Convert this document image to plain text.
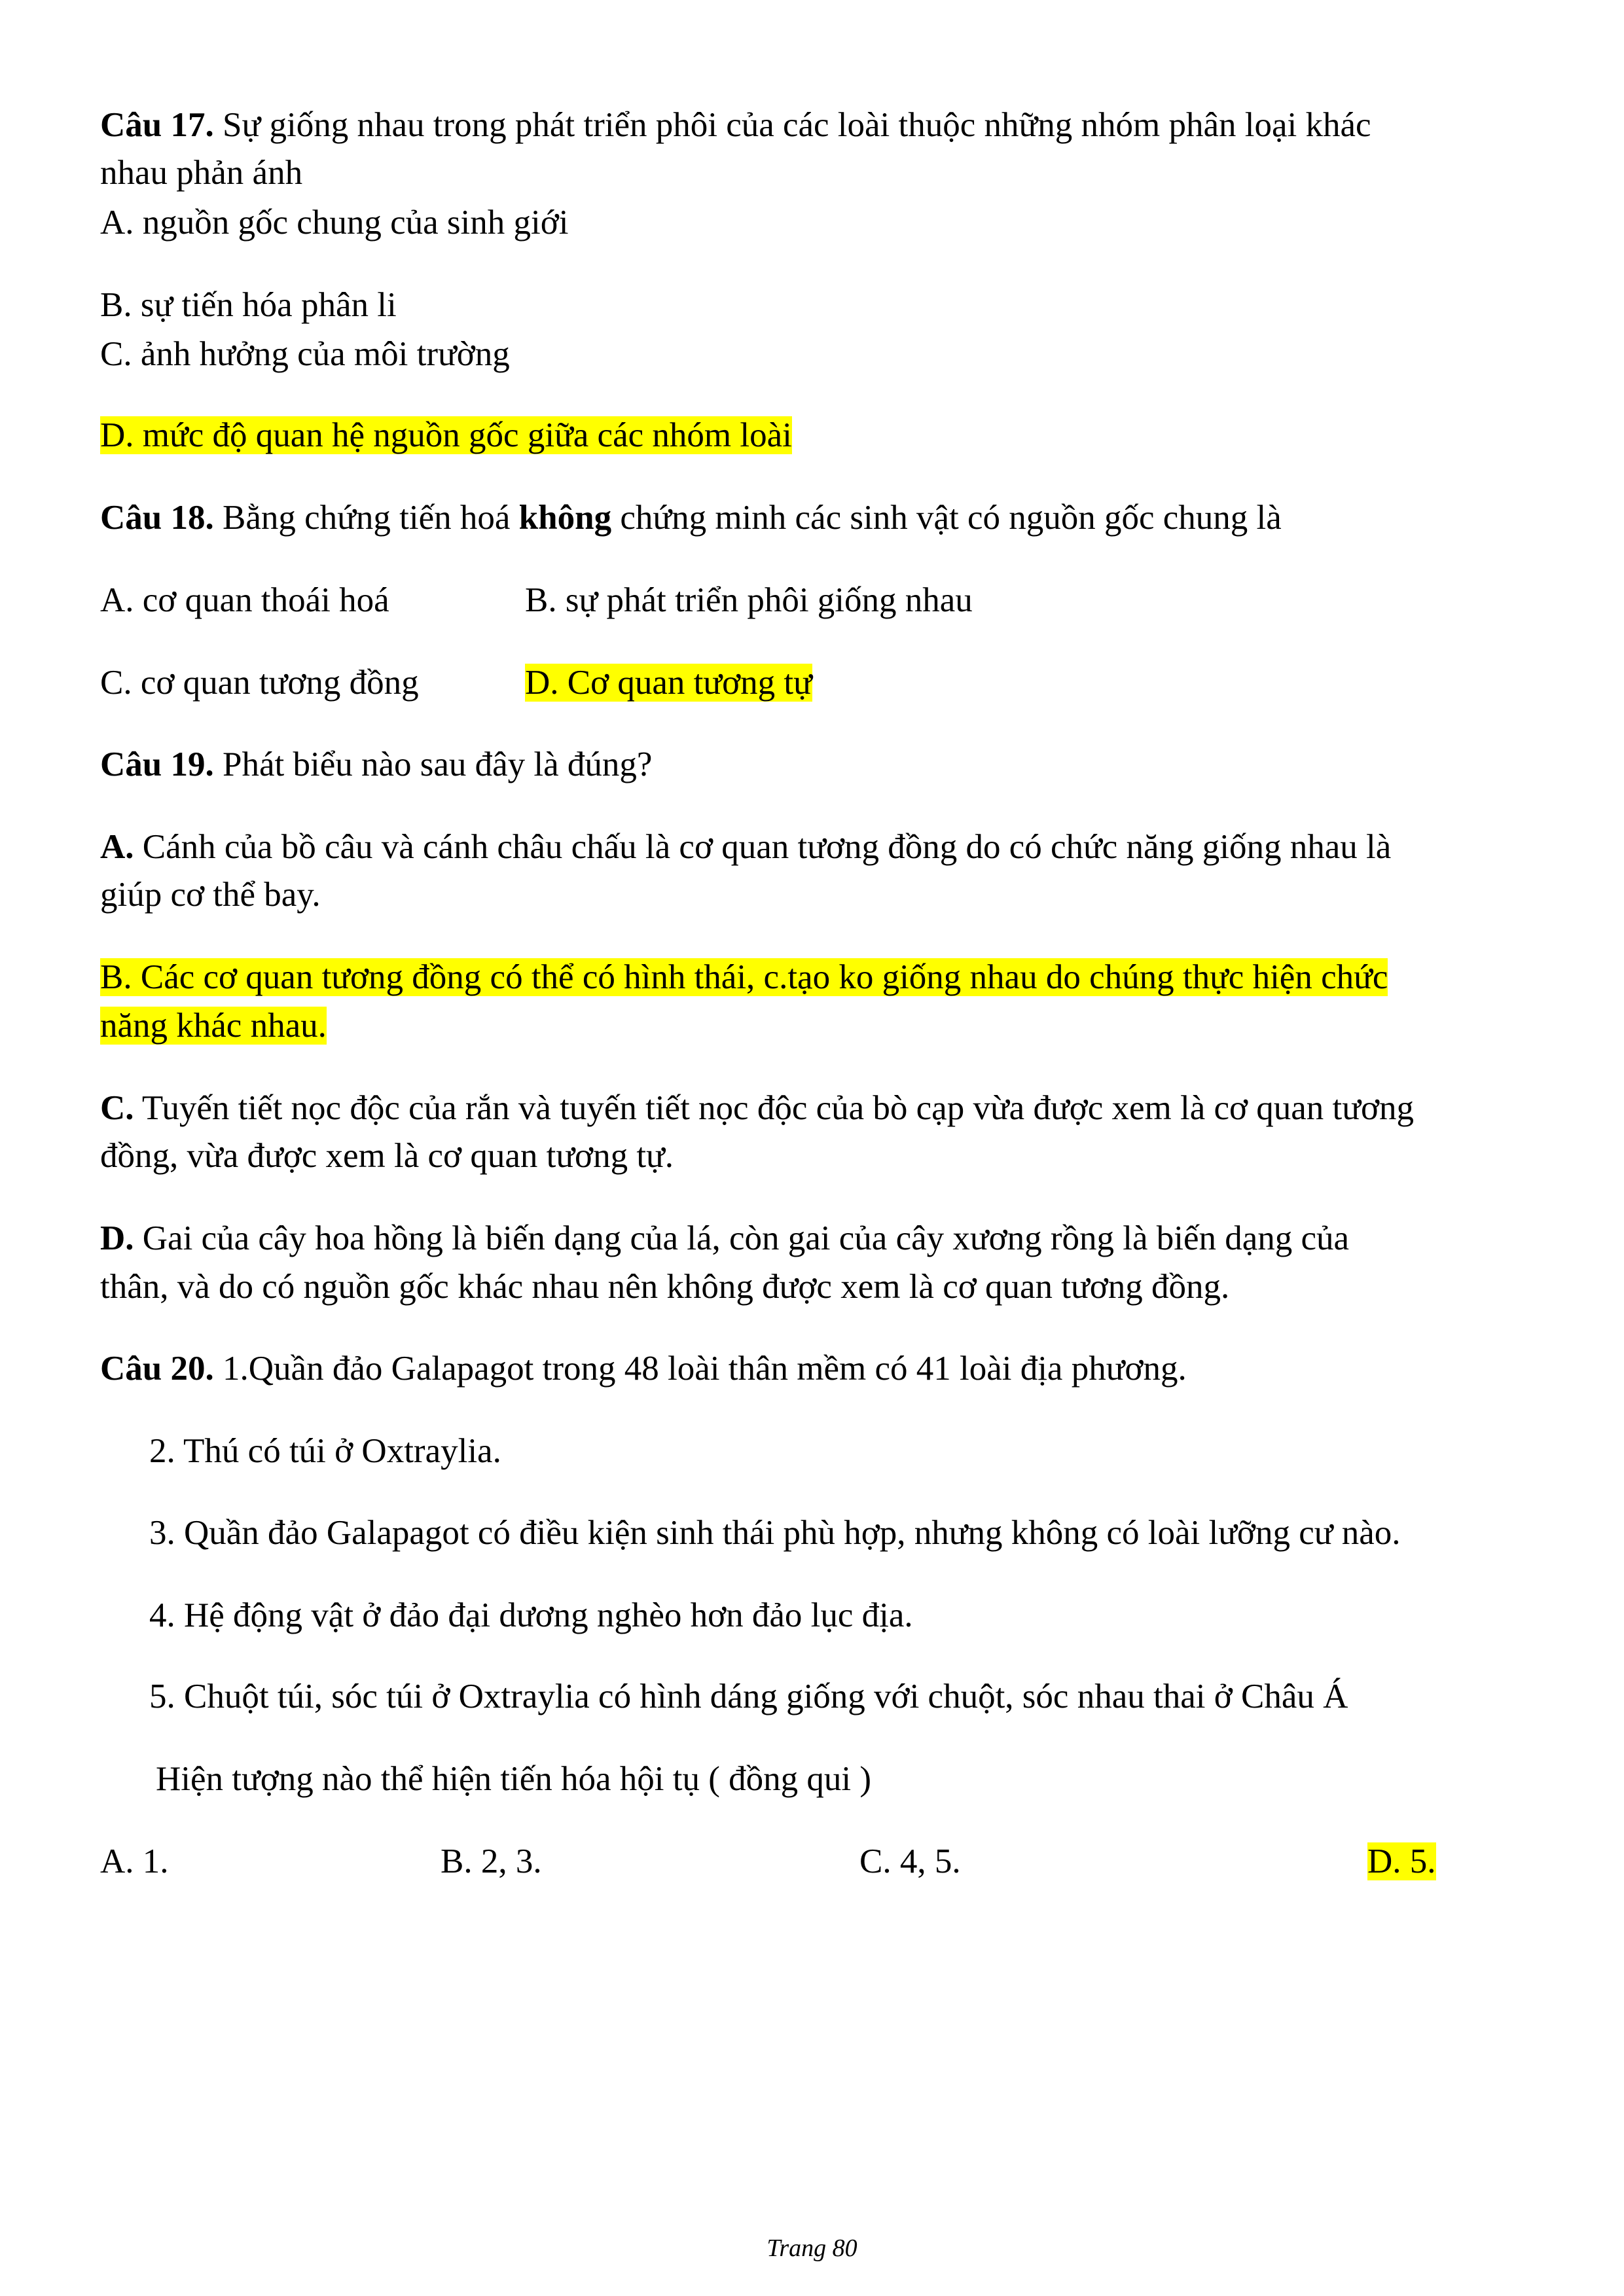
Câu 17. Sự giống nhau trong phát triển phôi của các loài thuộc những nhóm phân loại khác
nhau phản ánh
A. nguồn gốc chung của sinh giới
B. sự tiến hóa phân li
C. ảnh hưởng của môi trường
D. mức độ quan hệ nguồn gốc giữa các nhóm loài
Câu 18. Bằng chứng tiến hoá không chứng minh các sinh vật có nguồn gốc chung là
A. cơ quan thoái hoá	B. sự phát triển phôi giống nhau
C. cơ quan tương đồng	D. Cơ quan tương tự
Câu 19. Phát biểu nào sau đây là đúng?
A. Cánh của bồ câu và cánh châu chấu là cơ quan tương đồng do có chức năng giống nhau là
giúp cơ thể bay.
B. Các cơ quan tương đồng có thể có hình thái, c.tạo ko giống nhau do chúng thực hiện chức
năng khác nhau.
C. Tuyến tiết nọc độc của rắn và tuyến tiết nọc độc của bò cạp vừa được xem là cơ quan tương
đồng, vừa được xem là cơ quan tương tự.
D. Gai của cây hoa hồng là biến dạng của lá, còn gai của cây xương rồng là biến dạng của
thân, và do có nguồn gốc khác nhau nên không được xem là cơ quan tương đồng.
Câu 20. 1.Quần đảo Galapagot trong 48 loài thân mềm có 41 loài địa phương.
2. Thú có túi ở Oxtraylia.
3. Quần đảo Galapagot có điều kiện sinh thái phù hợp, nhưng không có loài lưỡng cư nào.
4. Hệ động vật ở đảo đại dương nghèo hơn đảo lục địa.
5. Chuột túi, sóc túi ở Oxtraylia có hình dáng giống với chuột, sóc nhau thai ở Châu Á
Hiện tượng nào thể hiện tiến hóa hội tụ ( đồng qui )
A. 1.	B. 2, 3.	C. 4, 5.	D. 5.
Trang 80
